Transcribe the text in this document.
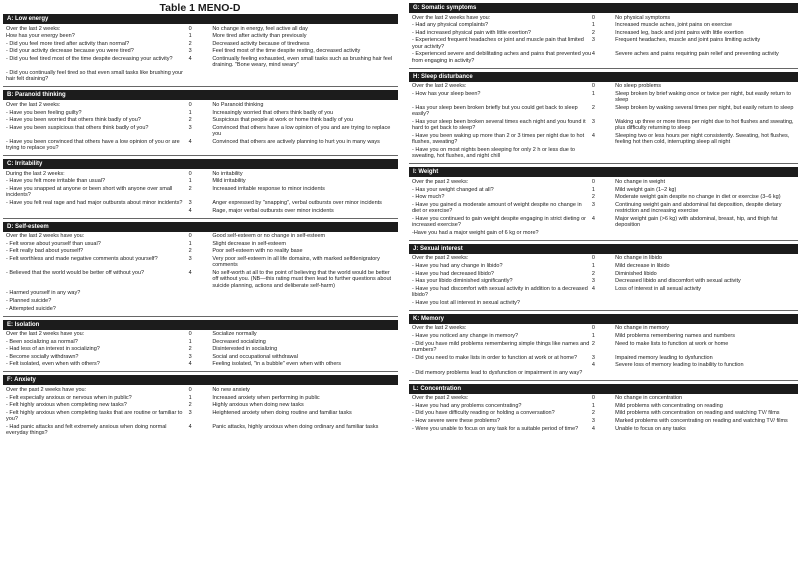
Table 1 MENO-D
A: Low energy
Over the last 2 weeks:	0	No change in energy, feel active all day
How has your energy been?	1	More tired after activity than previously
- Did you feel more tired after activity than normal?	2	Decreased activity because of tiredness
- Did your activity decrease because you were tired?	3	Feel tired most of the time despite resting, decreased activity
- Did you feel tired most of the time despite decreasing your activity?	4	Continually feeling exhausted, even small tasks such as brushing hair feel draining. "Bone weary, mind weary"
- Did you continually feel tired so that even small tasks like brushing your hair felt draining?
B: Paranoid thinking
Over the last 2 weeks:	0	No Paranoid thinking
- Have you been feeling guilty?	1	Increasingly worried that others think badly of you
- Have you been worried that others think badly of you?	2	Suspicious that people at work or home think badly of you
- Have you been suspicious that others think badly of you?	3	Convinced that others have a low opinion of you and are trying to replace you
- Have you been convinced that others have a low opinion of you or are trying to replace you?
4	Convinced that others are actively planning to hurt you in many ways
C: Irritability
During the last 2 weeks:	0	No irritability
- Have you felt more irritable than usual?	1	Mild irritability
- Have you snapped at anyone or been short with anyone over small incidents?
2	Increased irritable response to minor incidents
- Have you felt real rage and had major outbursts about minor incidents?	3	Anger expressed by "snapping", verbal outbursts over minor incidents
4	Rage, major verbal outbursts over minor incidents
D: Self-esteem
Over the last 2 weeks have you:	0	Good self-esteem or no change in self-esteem
- Felt worse about yourself than usual?	1	Slight decrease in self-esteem
- Felt really bad about yourself?	2	Poor self-esteem with no reality base
- Felt worthless and made negative comments about yourself?	3	Very poor self-esteem in all life domains, with marked selfdenigratory comments
- Believed that the world would be better off without you?	4	No self-worth at all to the point of believing that the world would be better off without you. (NB—this rating must then lead to further questions about suicide planning, actions and deliberate self-harm)
- Harmed yourself in any way?
- Planned suicide?
- Attempted suicide?
E: Isolation
Over the last 2 weeks have you:	0	Socialize normally
- Been socializing as normal?	1	Decreased socializing
- Had less of an interest in socializing?	2	Disinterested in socializing
- Become socially withdrawn?	3	Social and occupational withdrawal
- Felt isolated, even when with others?	4	Feeling isolated, "in a bubble" even when with others
F: Anxiety
Over the past 2 weeks have you:	0	No new anxiety
- Felt especially anxious or nervous when in public?	1	Increased anxiety when performing in public
- Felt highly anxious when completing new tasks?	2	Highly anxious when doing new tasks
- Felt highly anxious when completing tasks that are routine or familiar to you?
3	Heightened anxiety when doing routine and familiar tasks
- Had panic attacks and felt extremely anxious when doing normal everyday things?
4	Panic attacks, highly anxious when doing ordinary and familiar tasks
G: Somatic symptoms
Over the last 2 weeks have you:	0	No physical symptoms
- Had any physical complaints?	1	Increased muscle aches, joint pains on exercise
- Had increased physical pain with little exertion?	2	Increased leg, back and joint pains with little exertion
- Experienced frequent headaches or joint and muscle pain that limited your activity?
3	Frequent headaches, muscle and joint pains limiting activity
- Experienced severe and debilitating aches and pains that prevented you from engaging in activity?
4	Severe aches and pains requiring pain relief and preventing activity
H: Sleep disturbance
Over the last 2 weeks:	0	No sleep problems
- How has your sleep been?	1	Sleep broken by brief waking once or twice per night, but easily return to sleep
- Has your sleep been broken briefly but you could get back to sleep easily?
2	Sleep broken by waking several times per night, but easily return to sleep
- Has your sleep been broken several times each night and you found it hard to get back to sleep?
3	Waking up three or more times per night due to hot flushes and sweating, plus difficulty returning to sleep
- Have you been waking up more than 2 or 3 times per night due to hot flushes, sweating?
4	Sleeping two or less hours per night consistently. Sweating, hot flushes, feeling hot then cold, interrupting sleep all night
- Have you on most nights been sleeping for only 2 h or less due to sweating, hot flushes, and night chill
I: Weight
Over the past 2 weeks:	0	No change in weight
- Has your weight changed at all?	1	Mild weight gain (1–2 kg)
- How much?	2	Moderate weight gain despite no change in diet or exercise (3–6 kg)
- Have you gained a moderate amount of weight despite no change in diet or exercise?
3	Continuing weight gain and abdominal fat deposition, despite dietary restriction and increasing exercise
- Have you continued to gain weight despite engaging in strict dieting or increased exercise?
4	Major weight gain (>6 kg) with abdominal, breast, hip, and thigh fat deposition
-Have you had a major weight gain of 6 kg or more?
J: Sexual interest
Over the past 2 weeks:	0	No change in libido
- Have you had any change in libido?	1	Mild decrease in libido
- Have you had decreased libido?	2	Diminished libido
- Has your libido diminished significantly?	3	Decreased libido and discomfort with sexual activity
- Have you had discomfort with sexual activity in addition to a decreased libido?
4	Loss of interest in all sexual activity
- Have you lost all interest in sexual activity?
K: Memory
Over the last 2 weeks:	0	No change in memory
- Have you noticed any change in memory?	1	Mild problems remembering names and numbers
- Did you have mild problems remembering simple things like names and numbers?
2	Need to make lists to function at work or home
- Did you need to make lists in order to function at work or at home?	3	Impaired memory leading to dysfunction
4	Severe loss of memory leading to inability to function
- Did memory problems lead to dysfunction or impairment in any way?
L: Concentration
Over the past 2 weeks:	0	No change in concentration
- Have you had any problems concentrating?	1	Mild problems with concentrating on reading
- Did you have difficulty reading or holding a conversation?	2	Mild problems with concentration on reading and watching TV/ films
- How severe were these problems?	3	Marked problems with concentrating on reading and watching TV/ films
- Were you unable to focus on any task for a suitable period of time?	4	Unable to focus on any tasks
